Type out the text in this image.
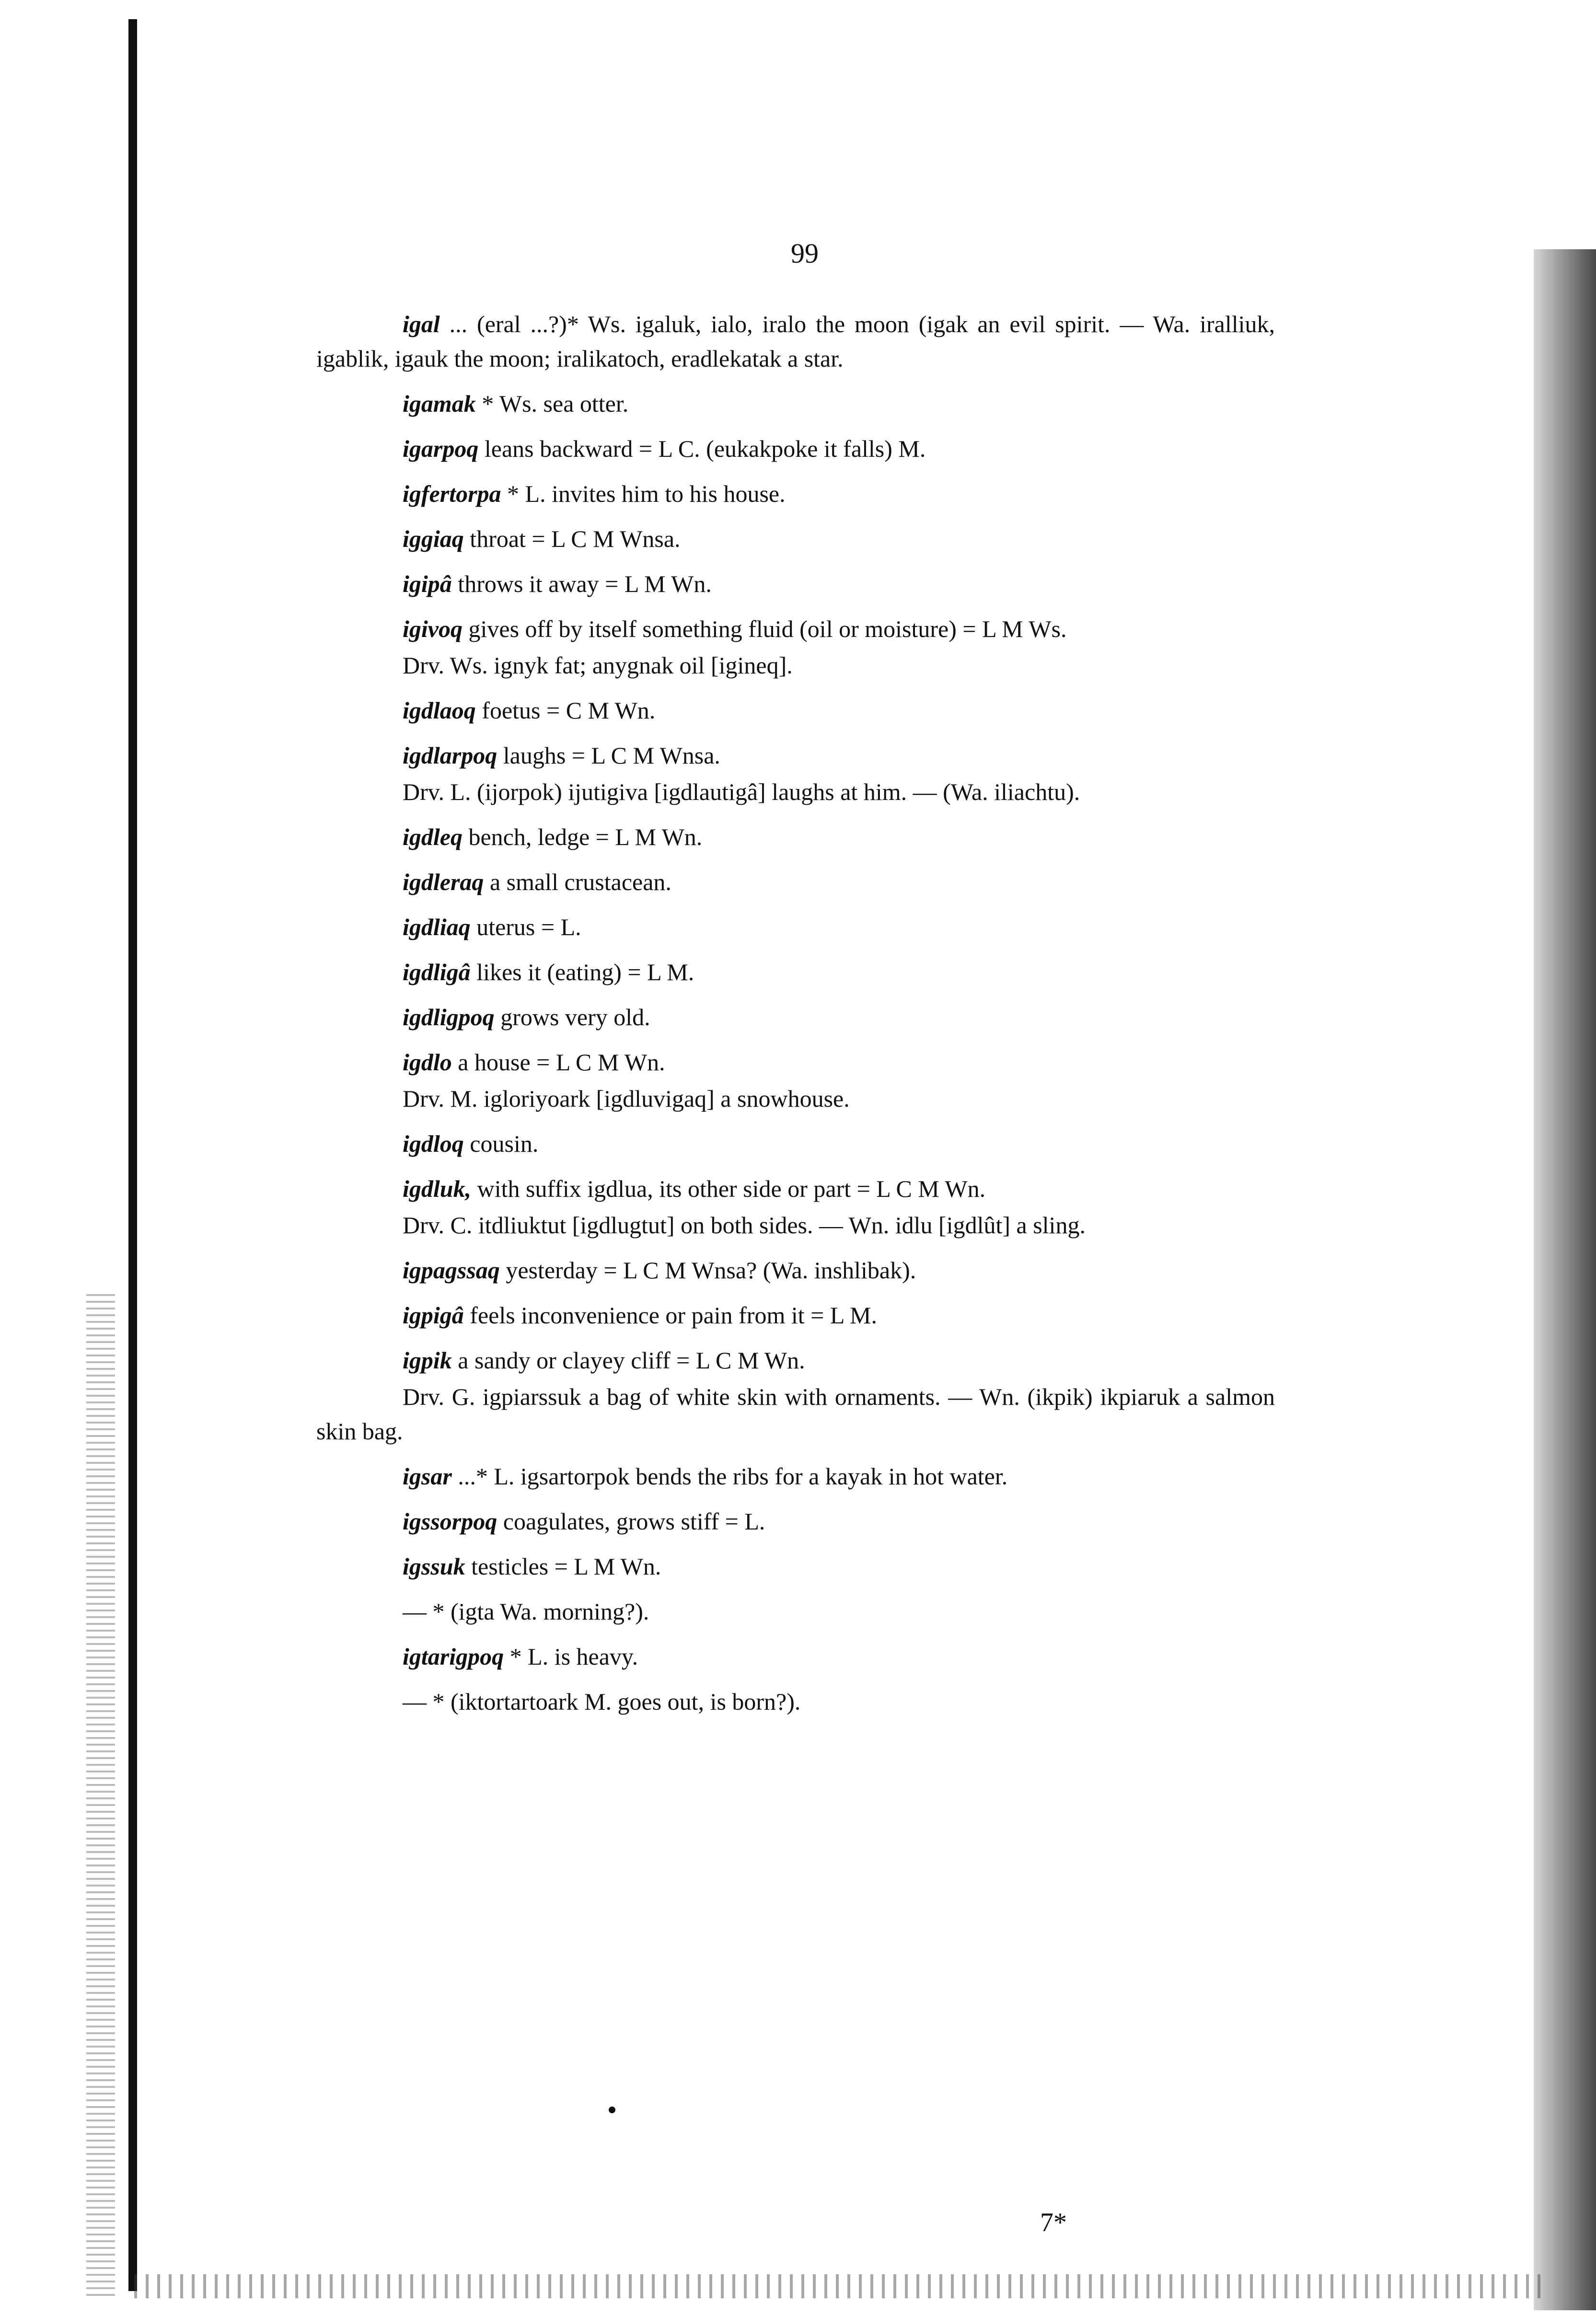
99

igal ... (eral ...?)* Ws. igaluk, ialo, iralo the moon (igak an evil spirit. — Wa. iralliuk, igablik, igauk the moon; iralikatoch, eradlekatak a star.

igamak * Ws. sea otter.

igarpoq leans backward = L C. (eukakpoke it falls) M.

igfertorpa * L. invites him to his house.

iggiaq throat = L C M Wnsa.

igipâ throws it away = L M Wn.

igivoq gives off by itself something fluid (oil or moisture) = L M Ws.

Drv. Ws. ignyk fat; anygnak oil [igineq].

igdlaoq foetus = C M Wn.

igdlarpoq laughs = L C M Wnsa.

Drv. L. (ijorpok) ijutigiva [igdlautigâ] laughs at him. — (Wa. iliachtu).

igdleq bench, ledge = L M Wn.

igdleraq a small crustacean.

igdliaq uterus = L.

igdligâ likes it (eating) = L M.

igdligpoq grows very old.

igdlo a house = L C M Wn.

Drv. M. igloriyoark [igdluvigaq] a snowhouse.

igdloq cousin.

igdluk, with suffix igdlua, its other side or part = L C M Wn.

Drv. C. itdliuktut [igdlugtut] on both sides. — Wn. idlu [igdlût] a sling.

igpagssaq yesterday = L C M Wnsa? (Wa. inshlibak).

igpigâ feels inconvenience or pain from it = L M.

igpik a sandy or clayey cliff = L C M Wn.

Drv. G. igpiarssuk a bag of white skin with ornaments. — Wn. (ikpik) ikpiaruk a salmon skin bag.

igsar ...* L. igsartorpok bends the ribs for a kayak in hot water.

igssorpoq coagulates, grows stiff = L.

igssuk testicles = L M Wn.

— * (igta Wa. morning?).

igtarigpoq * L. is heavy.

— * (iktortartoark M. goes out, is born?).

7*
